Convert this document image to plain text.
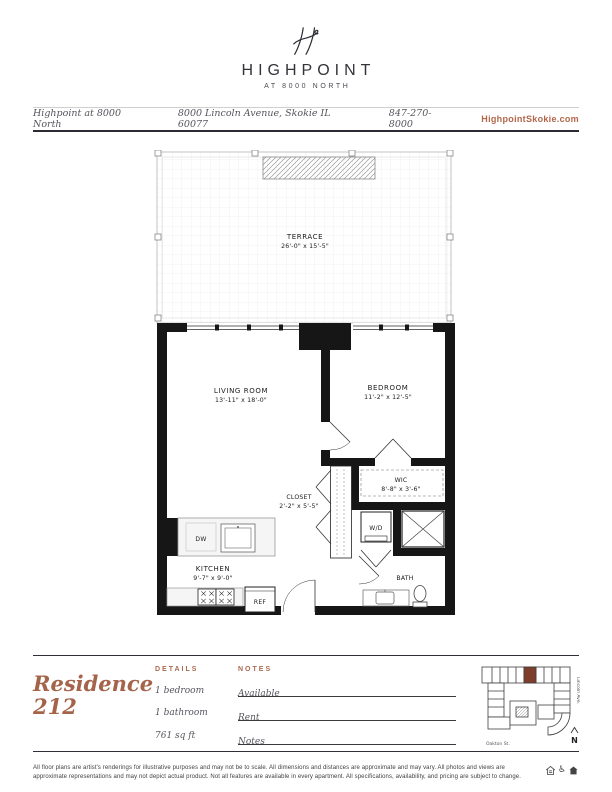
HIGHPOINT
AT 8000 NORTH
Highpoint at 8000 North
8000 Lincoln Avenue, Skokie IL 60077
847-270-8000	HighpointSkokie.com
TERRACE
26'-0" x 15'-5"
LIVING ROOM
13'-11" x 18'-0"
BEDROOM
11'-2" x 12'-5"
WIC
8'-8" x 3'-6"
CLOSET
2'-2" x 5'-5"
KITCHEN
9'-7" x 9'-0"	BATH
W/D
DW
REF
Residence
212
DETAILS
1 bedroom
1 bathroom
761 sq ft
NOTES
Available
Rent
Notes
Lincoln Ave.
Oakton St.	N

All floor plans are artist's renderings for illustrative purposes and may not be to scale. All dimensions and distances are approximate and may vary. All photos and views are approximate representations and may not depict actual product. Not all features are available in every apartment. All specifications, availability, and pricing are subject to change.

♿
